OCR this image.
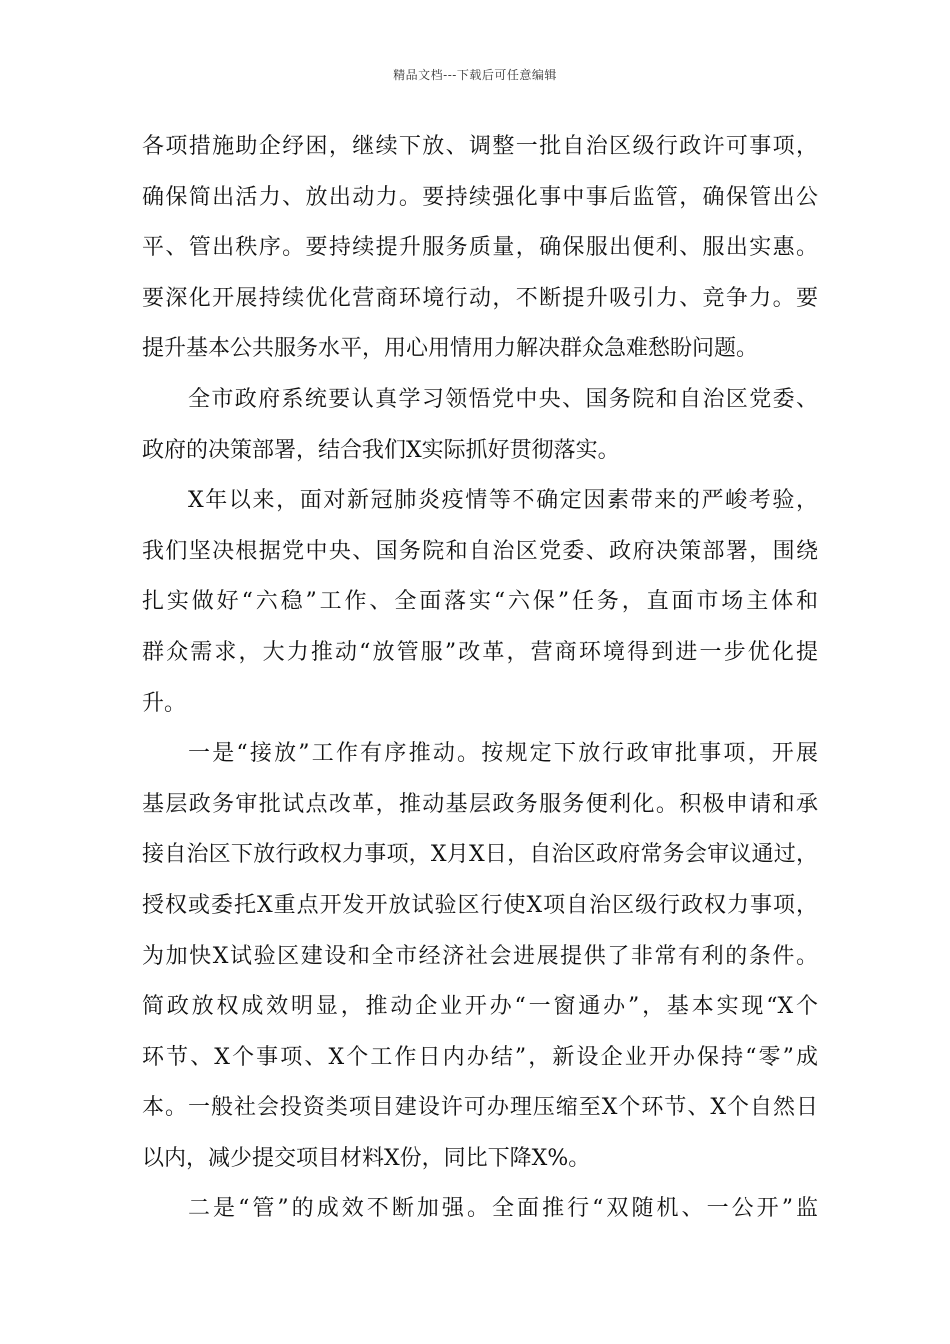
精品文档---下载后可任意编辑
各项措施助企纾困，继续下放、调整一批自治区级行政许可事项，
确保简出活力、放出动力。要持续强化事中事后监管，确保管出公
平、管出秩序。要持续提升服务质量，确保服出便利、服出实惠。
要深化开展持续优化营商环境行动，不断提升吸引力、竞争力。要
提升基本公共服务水平，用心用情用力解决群众急难愁盼问题。
全市政府系统要认真学习领悟党中央、国务院和自治区党委、
政府的决策部署，结合我们X实际抓好贯彻落实。
X年以来，面对新冠肺炎疫情等不确定因素带来的严峻考验，
我们坚决根据党中央、国务院和自治区党委、政府决策部署，围绕
扎实做好“六稳”工作、全面落实“六保”任务，直面市场主体和
群众需求，大力推动“放管服”改革，营商环境得到进一步优化提
升。
一是“接放”工作有序推动。按规定下放行政审批事项，开展
基层政务审批试点改革，推动基层政务服务便利化。积极申请和承
接自治区下放行政权力事项，X月X日，自治区政府常务会审议通过，
授权或委托X重点开发开放试验区行使X项自治区级行政权力事项，
为加快X试验区建设和全市经济社会进展提供了非常有利的条件。
简政放权成效明显，推动企业开办“一窗通办”，基本实现“X个
环节、X个事项、X个工作日内办结”，新设企业开办保持“零”成
本。一般社会投资类项目建设许可办理压缩至X个环节、X个自然日
以内，减少提交项目材料X份，同比下降X%。
二是“管”的成效不断加强。全面推行“双随机、一公开”监
